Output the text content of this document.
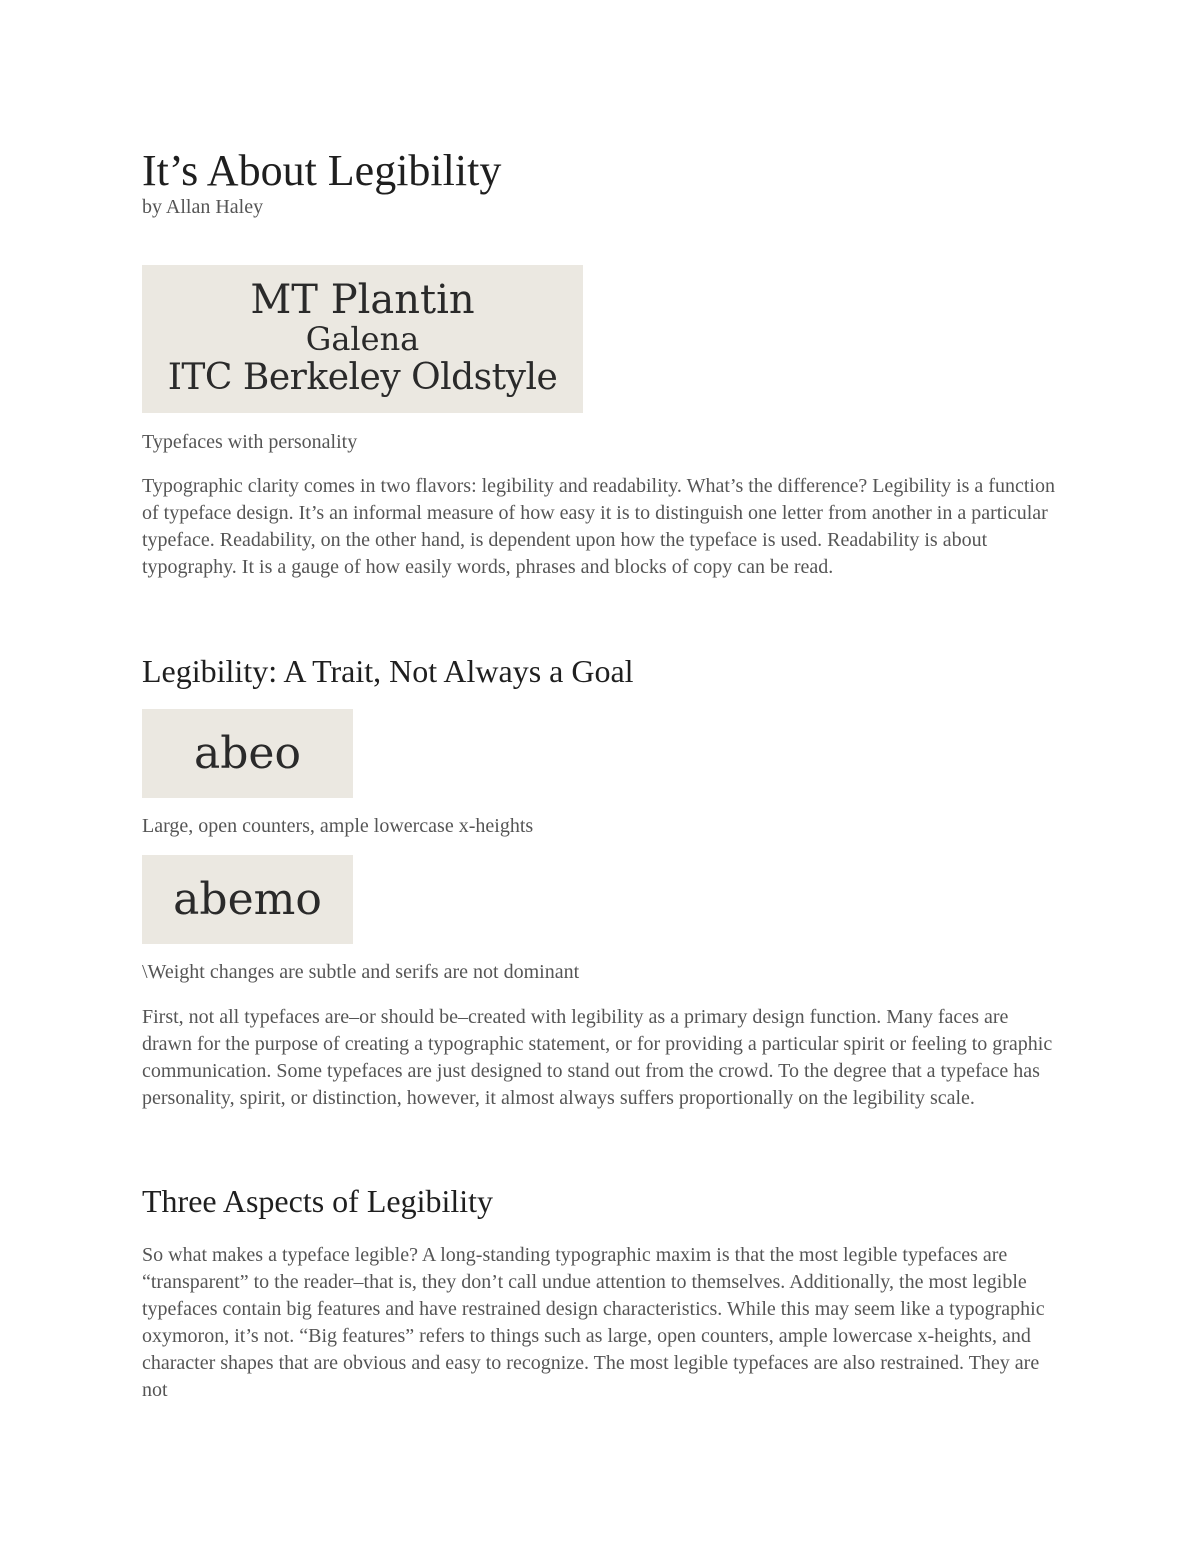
It’s About Legibility

by Allan Haley

MT Plantin
Galena
ITC Berkeley Oldstyle

Typefaces with personality

Typographic clarity comes in two flavors: legibility and readability. What’s the difference? Legibility is a function of typeface design. It’s an informal measure of how easy it is to distinguish one letter from another in a particular typeface. Readability, on the other hand, is dependent upon how the typeface is used. Readability is about typography. It is a gauge of how easily words, phrases and blocks of copy can be read.

Legibility: A Trait, Not Always a Goal
abeo

Large, open counters, ample lowercase x-heights

abemo

\Weight changes are subtle and serifs are not dominant

First, not all typefaces are–or should be–created with legibility as a primary design function. Many faces are drawn for the purpose of creating a typographic statement, or for providing a particular spirit or feeling to graphic communication. Some typefaces are just designed to stand out from the crowd. To the degree that a typeface has personality, spirit, or distinction, however, it almost always suffers proportionally on the legibility scale.

Three Aspects of Legibility

So what makes a typeface legible? A long-standing typographic maxim is that the most legible typefaces are “transparent” to the reader–that is, they don’t call undue attention to themselves. Additionally, the most legible typefaces contain big features and have restrained design characteristics. While this may seem like a typographic oxymoron, it’s not. “Big features” refers to things such as large, open counters, ample lowercase x-heights, and character shapes that are obvious and easy to recognize. The most legible typefaces are also restrained. They are not
